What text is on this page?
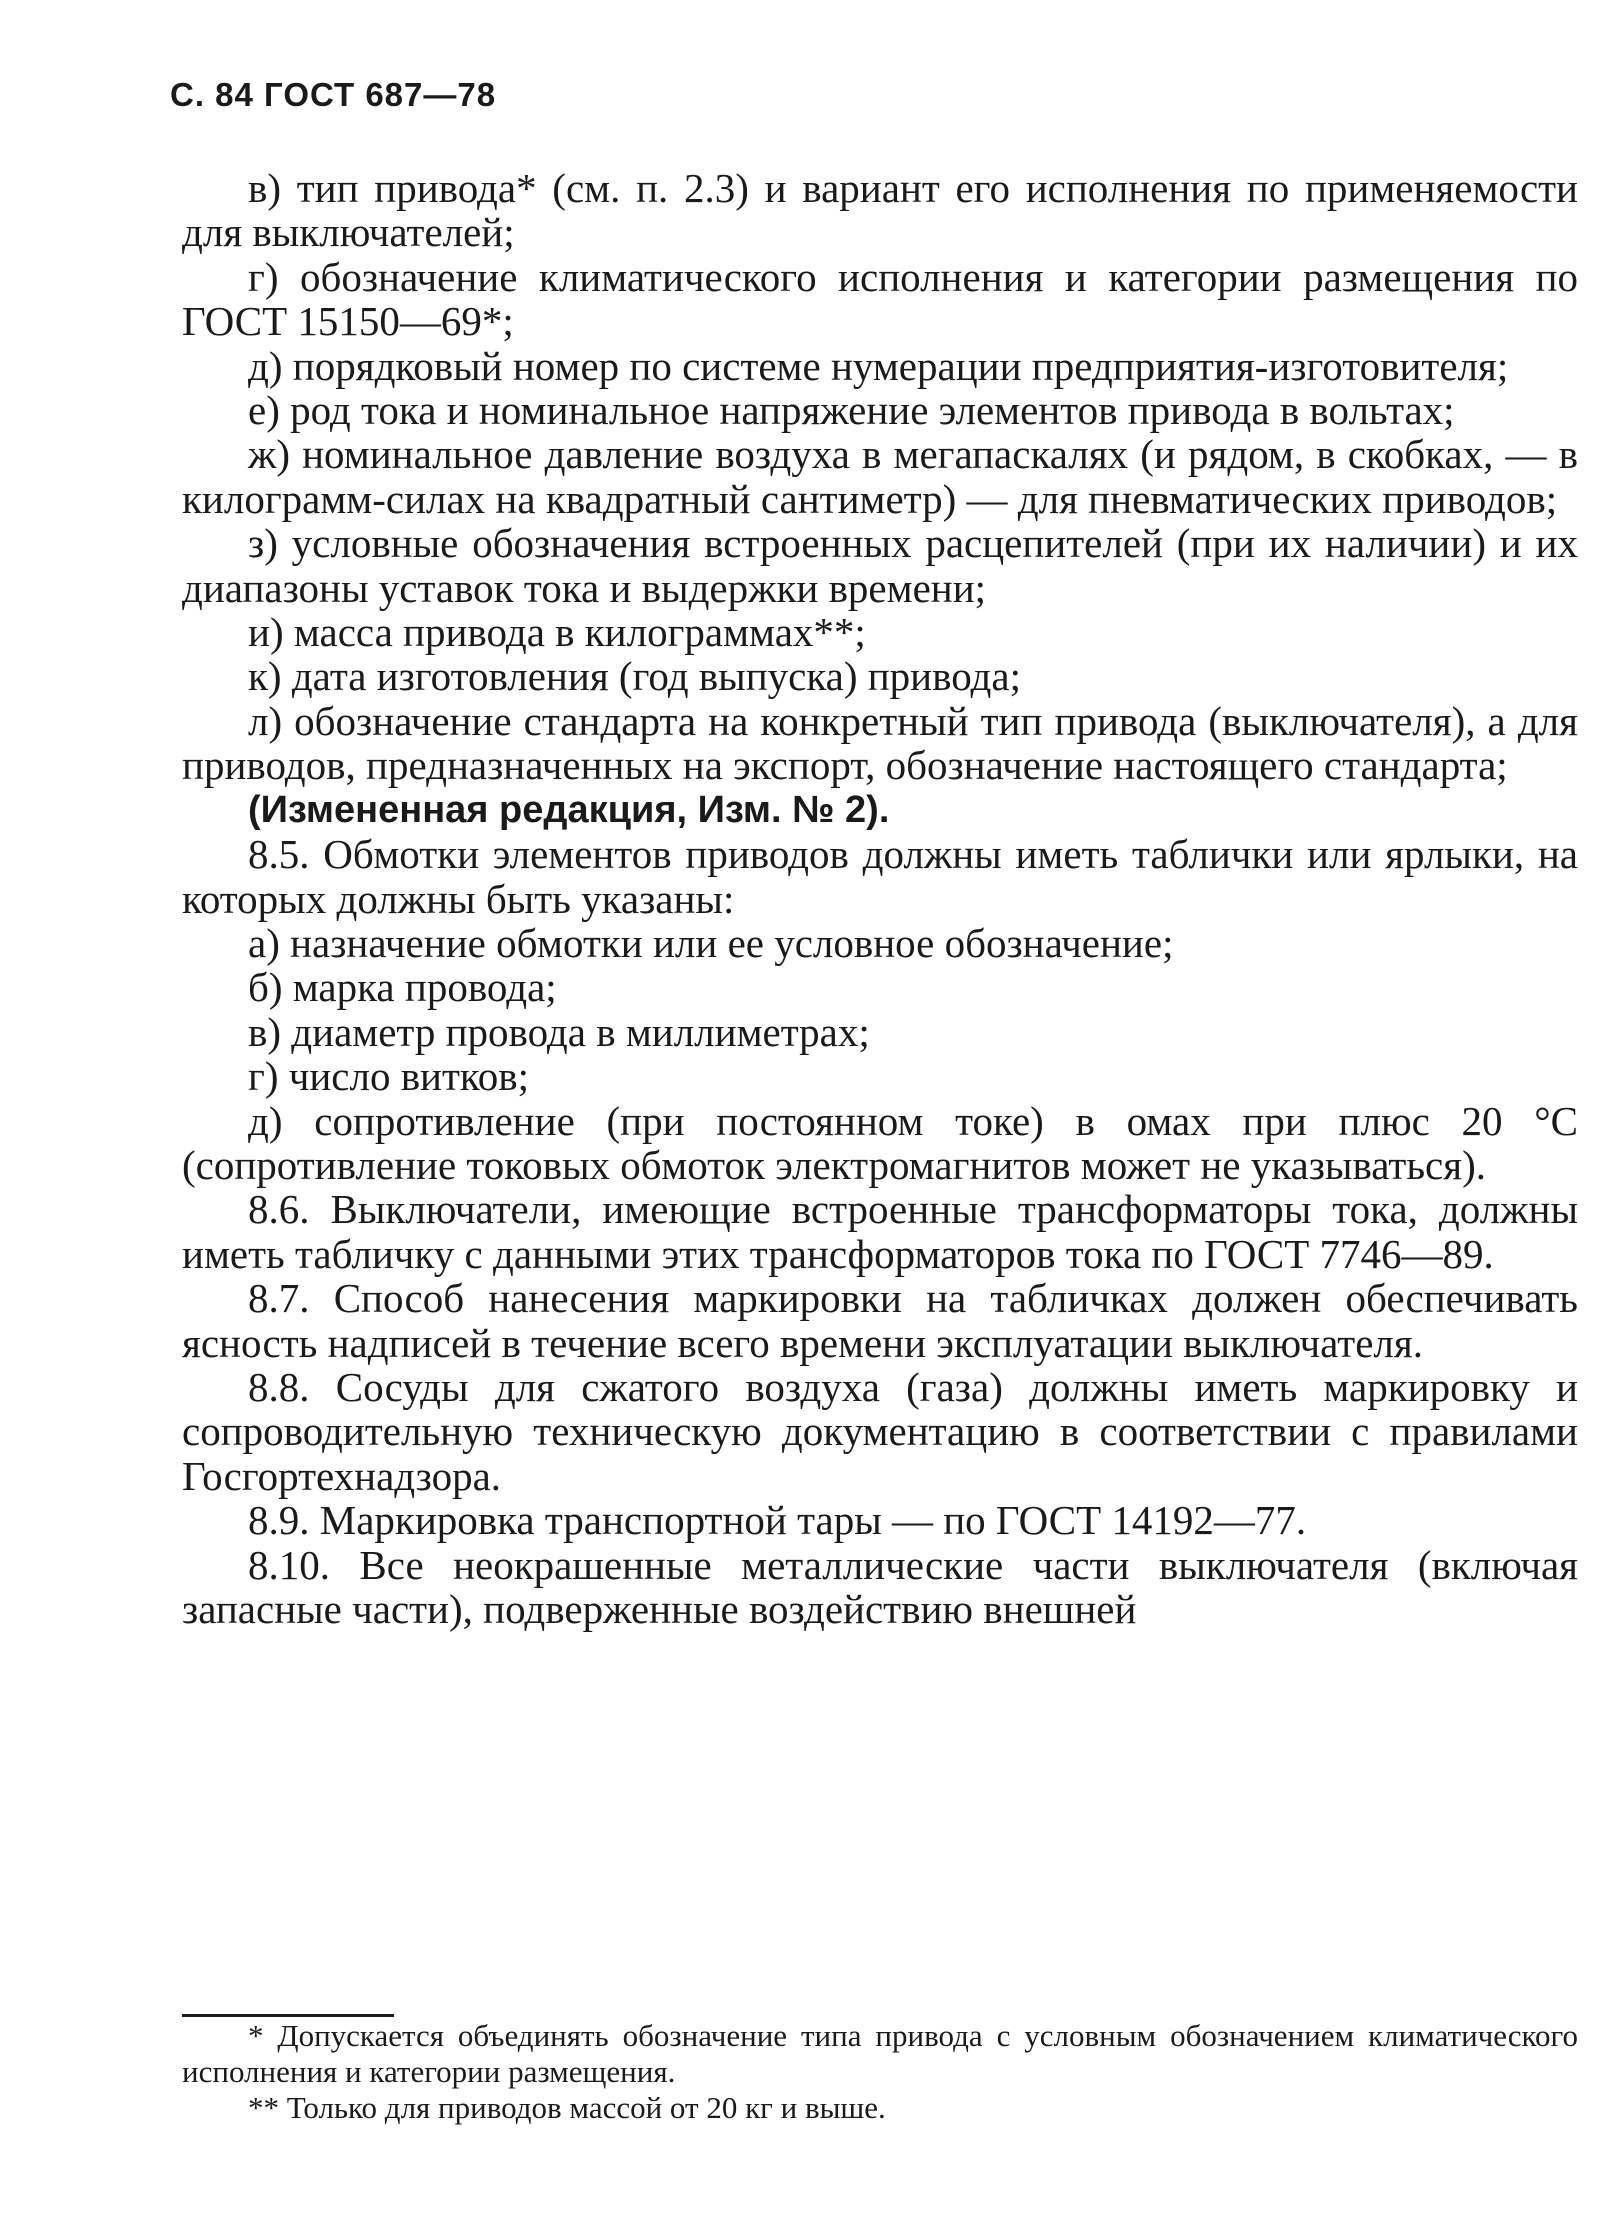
С. 84 ГОСТ 687—78

в) тип привода* (см. п. 2.3) и вариант его исполнения по применяемости для выключателей;

г) обозначение климатического исполнения и категории размещения по ГОСТ 15150—69*;

д) порядковый номер по системе нумерации предприятия-изготовителя;

е) род тока и номинальное напряжение элементов привода в вольтах;

ж) номинальное давление воздуха в мегапаскалях (и рядом, в скобках, — в килограмм-силах на квадратный сантиметр) — для пневматических приводов;

з) условные обозначения встроенных расцепителей (при их наличии) и их диапазоны уставок тока и выдержки времени;

и) масса привода в килограммах**;

к) дата изготовления (год выпуска) привода;

л) обозначение стандарта на конкретный тип привода (выключателя), а для приводов, предназначенных на экспорт, обозначение настоящего стандарта;

(Измененная редакция, Изм. № 2).

8.5. Обмотки элементов приводов должны иметь таблички или ярлыки, на которых должны быть указаны:

а) назначение обмотки или ее условное обозначение;

б) марка провода;

в) диаметр провода в миллиметрах;

г) число витков;

д) сопротивление (при постоянном токе) в омах при плюс 20 °С (сопротивление токовых обмоток электромагнитов может не указываться).

8.6. Выключатели, имеющие встроенные трансформаторы тока, должны иметь табличку с данными этих трансформаторов тока по ГОСТ 7746—89.

8.7. Способ нанесения маркировки на табличках должен обеспечивать ясность надписей в течение всего времени эксплуатации выключателя.

8.8. Сосуды для сжатого воздуха (газа) должны иметь маркировку и сопроводительную техническую документацию в соответствии с правилами Госгортехнадзора.

8.9. Маркировка транспортной тары — по ГОСТ 14192—77.

8.10. Все неокрашенные металлические части выключателя (включая запасные части), подверженные воздействию внешней

* Допускается объединять обозначение типа привода с условным обозначением климатического исполнения и категории размещения.

** Только для приводов массой от 20 кг и выше.
